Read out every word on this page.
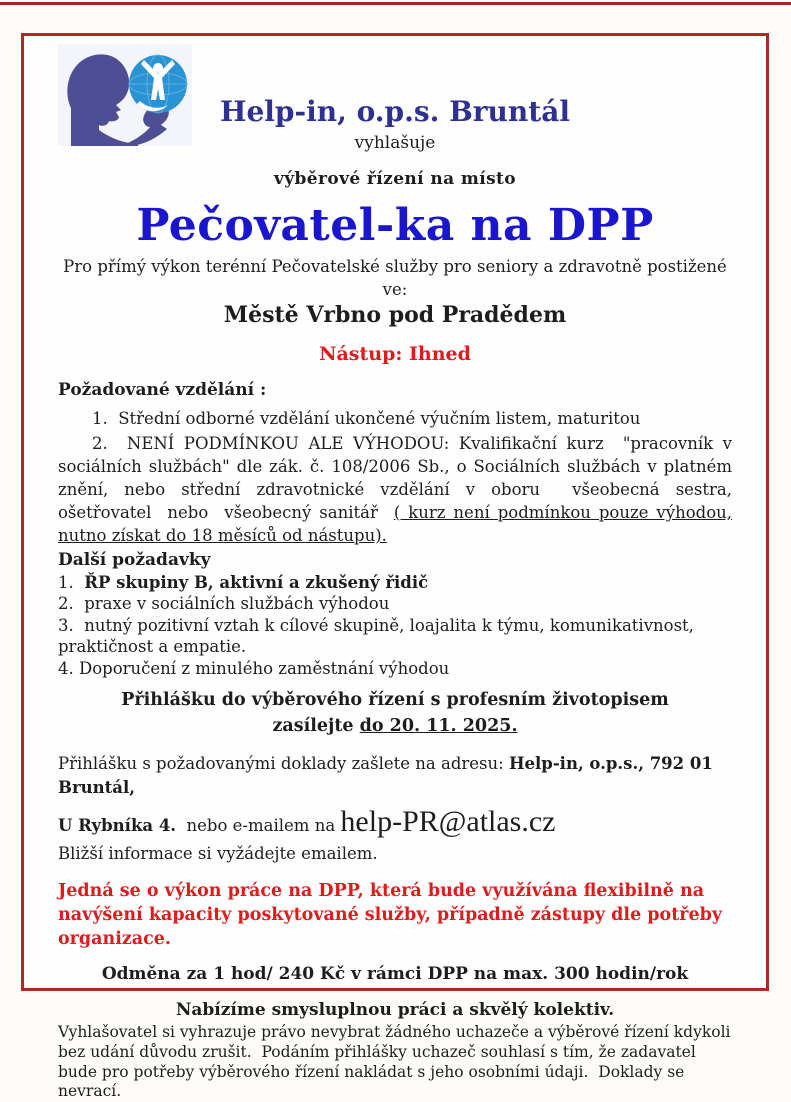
Help-in, o.p.s. Bruntál
vyhlašuje
výběrové řízení na místo
Pečovatel-ka na DPP
Pro přímý výkon terénní Pečovatelské služby pro seniory a zdravotně postižené ve:
Městě Vrbno pod Pradědem
Nástup: Ihned

Požadované vzdělání :

1.  Střední odborné vzdělání ukončené výučním listem, maturitou

2.  NENÍ PODMÍNKOU ALE VÝHODOU: Kvalifikační kurz  "pracovník v sociálních službách" dle zák. č. 108/2006 Sb., o Sociálních službách v platném znění, nebo střední zdravotnické vzdělání v oboru  všeobecná sestra, ošetřovatel  nebo  všeobecný sanitář  ( kurz není podmínkou pouze výhodou, nutno získat do 18 měsíců od nástupu).

Další požadavky

1.  ŘP skupiny B, aktivní a zkušený řidič

2.  praxe v sociálních službách výhodou

3.  nutný pozitivní vztah k cílové skupině, loajalita k týmu, komunikativnost, praktičnost a empatie.

4. Doporučení z minulého zaměstnání výhodou

Přihlášku do výběrového řízení s profesním životopisem

zasílejte do 20. 11. 2025.

Přihlášku s požadovanými doklady zašlete na adresu: Help-in, o.p.s., 792 01 Bruntál,

U Rybníka 4.  nebo e-mailem na help-PR@atlas.cz

Bližší informace si vyžádejte emailem.

Jedná se o výkon práce na DPP, která bude využívána flexibilně na navýšení kapacity poskytované služby, případně zástupy dle potřeby organizace.

Odměna za 1 hod/ 240 Kč v rámci DPP na max. 300 hodin/rok

Nabízíme smysluplnou práci a skvělý kolektiv.

Vyhlašovatel si vyhrazuje právo nevybrat žádného uchazeče a výběrové řízení kdykoli bez udání důvodu zrušit.  Podáním přihlášky uchazeč souhlasí s tím, že zadavatel bude pro potřeby výběrového řízení nakládat s jeho osobními údaji.  Doklady se nevrací.
